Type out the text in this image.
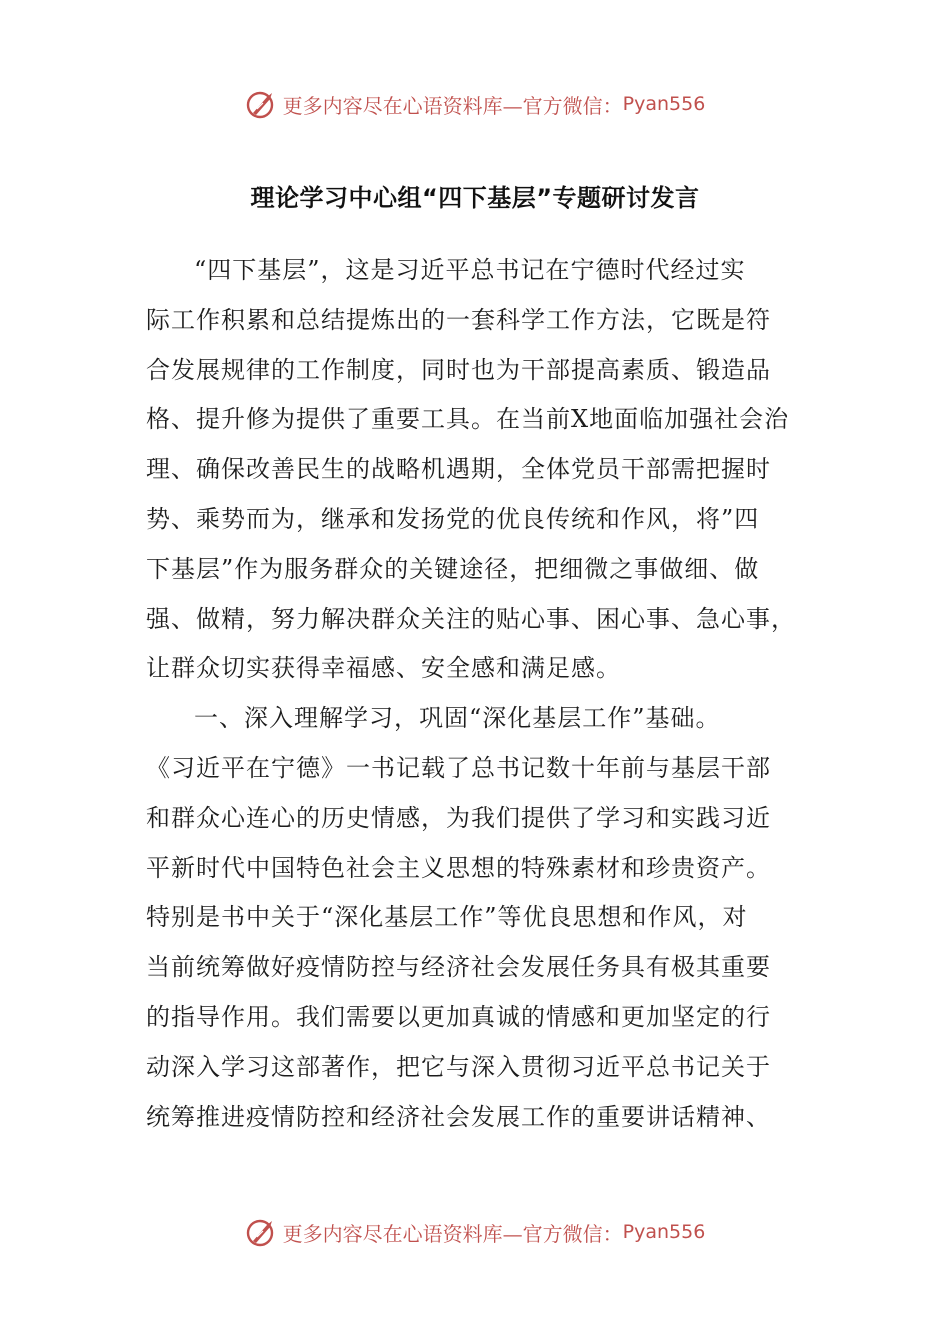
更多内容尽在心语资料库—官方微信： Pyan556
理论学习中心组“四下基层”专题研讨发言
“四下基层”，这是习近平总书记在宁德时代经过实
际工作积累和总结提炼出的一套科学工作方法，它既是符
合发展规律的工作制度，同时也为干部提高素质、锻造品
格、提升修为提供了重要工具。在当前X地面临加强社会治
理、确保改善民生的战略机遇期，全体党员干部需把握时
势、乘势而为，继承和发扬党的优良传统和作风，将”四
下基层”作为服务群众的关键途径，把细微之事做细、做
强、做精，努力解决群众关注的贴心事、困心事、急心事，
让群众切实获得幸福感、安全感和满足感。
一、深入理解学习，巩固“深化基层工作”基础。
《习近平在宁德》一书记载了总书记数十年前与基层干部
和群众心连心的历史情感，为我们提供了学习和实践习近
平新时代中国特色社会主义思想的特殊素材和珍贵资产。
特别是书中关于“深化基层工作”等优良思想和作风，对
当前统筹做好疫情防控与经济社会发展任务具有极其重要
的指导作用。我们需要以更加真诚的情感和更加坚定的行
动深入学习这部著作，把它与深入贯彻习近平总书记关于
统筹推进疫情防控和经济社会发展工作的重要讲话精神、
更多内容尽在心语资料库—官方微信： Pyan556
